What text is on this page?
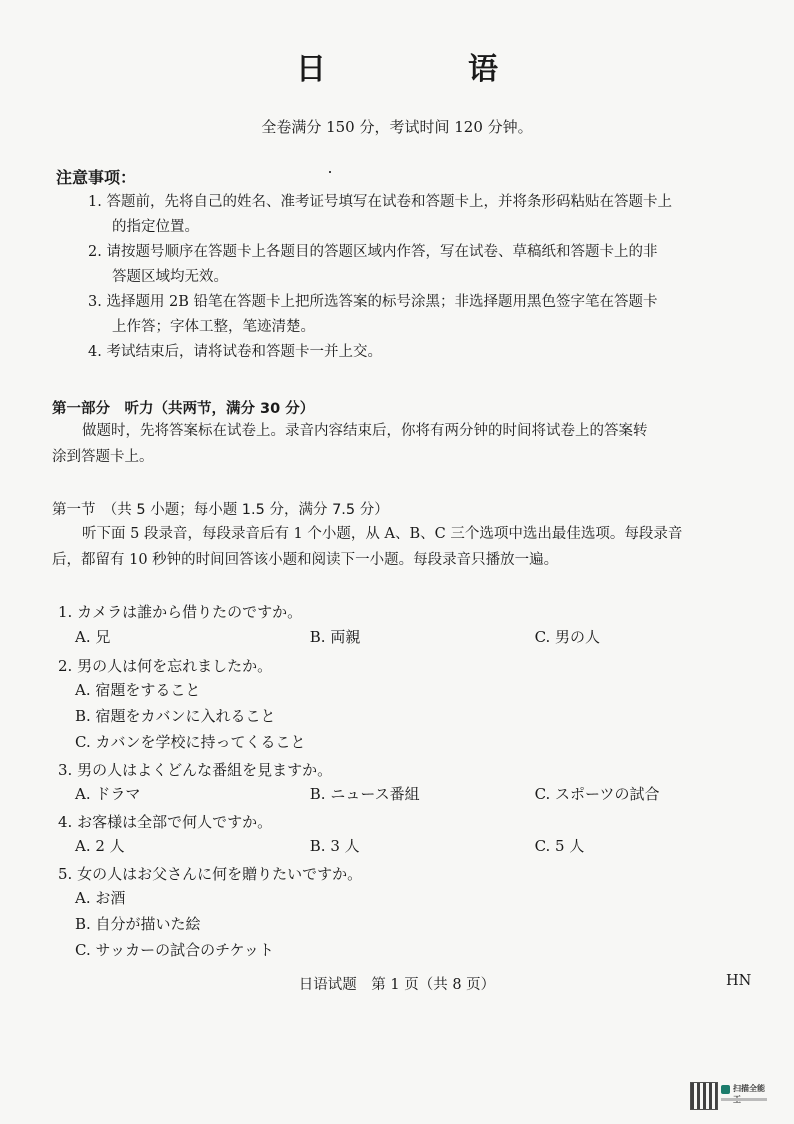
日　语
全卷满分 150 分，考试时间 120 分钟。
注意事项：

1. 答题前，先将自己的姓名、准考证号填写在试卷和答题卡上，并将条形码粘贴在答题卡上
的指定位置。

2. 请按题号顺序在答题卡上各题目的答题区域内作答，写在试卷、草稿纸和答题卡上的非
答题区域均无效。

3. 选择题用 2B 铅笔在答题卡上把所选答案的标号涂黑；非选择题用黑色签字笔在答题卡
上作答；字体工整，笔迹清楚。

4. 考试结束后，请将试卷和答题卡一并上交。

第一部分　听力（共两节，满分 30 分）
做题时，先将答案标在试卷上。录音内容结束后，你将有两分钟的时间将试卷上的答案转
涂到答题卡上。
第一节　（共 5 小题；每小题 1.5 分，满分 7.5 分）
听下面 5 段录音，每段录音后有 1 个小题，从 A、B、C 三个选项中选出最佳选项。每段录音
后，都留有 10 秒钟的时间回答该小题和阅读下一小题。每段录音只播放一遍。
1. カメラは誰から借りたのですか。
A. 兄	B. 両親	C. 男の人
2. 男の人は何を忘れましたか。
A. 宿題をすること
B. 宿題をカバンに入れること
C. カバンを学校に持ってくること
3. 男の人はよくどんな番組を見ますか。
A. ドラマ	B. ニュース番組	C. スポーツの試合
4. お客様は全部で何人ですか。
A. 2 人	B. 3 人	C. 5 人
5. 女の人はお父さんに何を贈りたいですか。
A. お酒
B. 自分が描いた絵
C. サッカーの試合のチケット
日语试题　第 1 页（共 8 页）	HN
扫描全能
